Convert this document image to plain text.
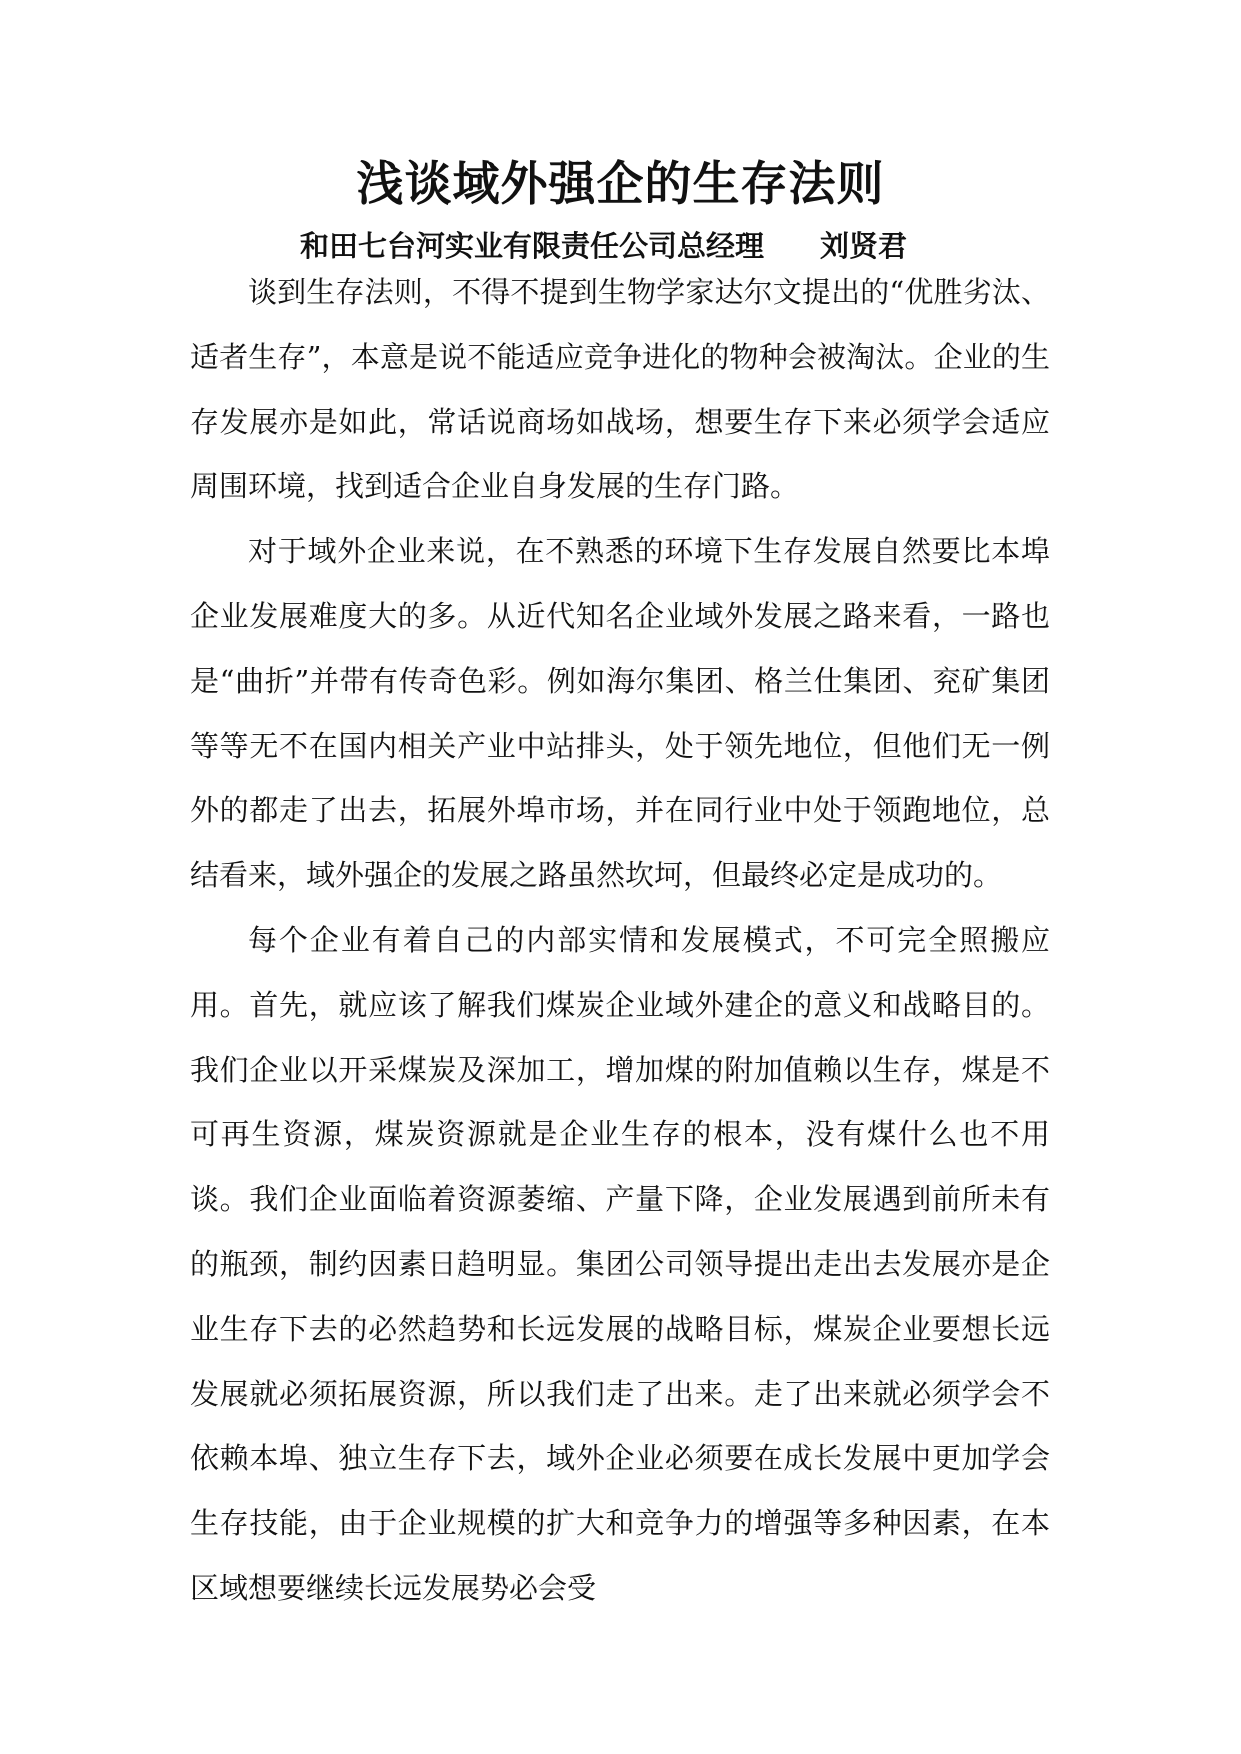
浅谈域外强企的生存法则
和田七台河实业有限责任公司总经理 刘贤君

谈到生存法则，不得不提到生物学家达尔文提出的“优胜劣汰、适者生存”，本意是说不能适应竞争进化的物种会被淘汰。企业的生存发展亦是如此，常话说商场如战场，想要生存下来必须学会适应周围环境，找到适合企业自身发展的生存门路。

对于域外企业来说，在不熟悉的环境下生存发展自然要比本埠企业发展难度大的多。从近代知名企业域外发展之路来看，一路也是“曲折”并带有传奇色彩。例如海尔集团、格兰仕集团、兖矿集团等等无不在国内相关产业中站排头，处于领先地位，但他们无一例外的都走了出去，拓展外埠市场，并在同行业中处于领跑地位，总结看来，域外强企的发展之路虽然坎坷，但最终必定是成功的。

每个企业有着自己的内部实情和发展模式，不可完全照搬应用。首先，就应该了解我们煤炭企业域外建企的意义和战略目的。我们企业以开采煤炭及深加工，增加煤的附加值赖以生存，煤是不可再生资源，煤炭资源就是企业生存的根本，没有煤什么也不用谈。我们企业面临着资源萎缩、产量下降，企业发展遇到前所未有的瓶颈，制约因素日趋明显。集团公司领导提出走出去发展亦是企业生存下去的必然趋势和长远发展的战略目标，煤炭企业要想长远发展就必须拓展资源，所以我们走了出来。走了出来就必须学会不依赖本埠、独立生存下去，域外企业必须要在成长发展中更加学会生存技能，由于企业规模的扩大和竞争力的增强等多种因素，在本区域想要继续长远发展势必会受
